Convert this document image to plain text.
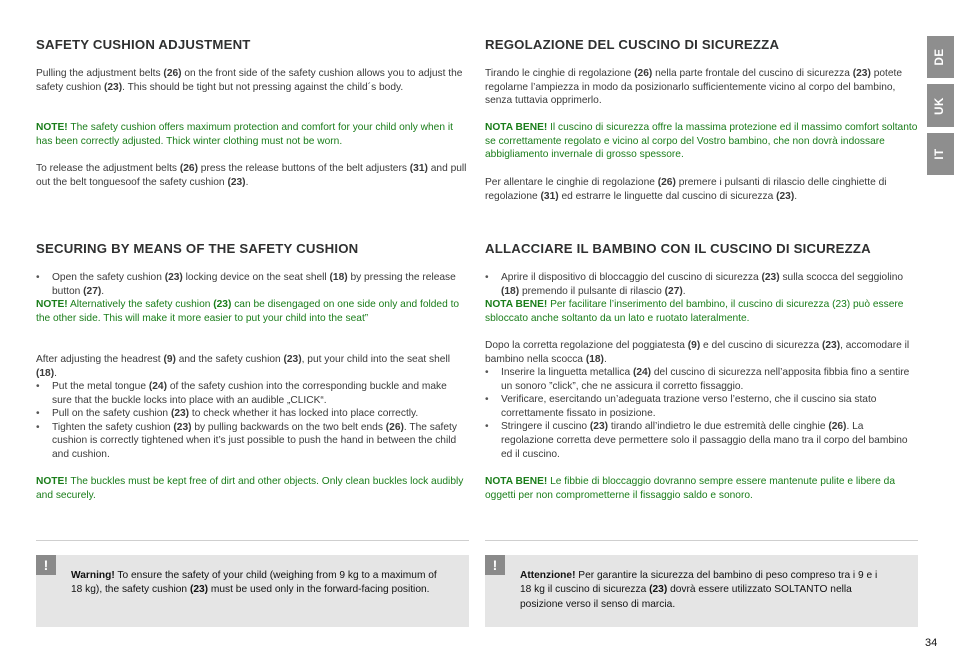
SAFETY CUSHION ADJUSTMENT

Pulling the adjustment belts (26) on the front side of the safety cushion allows you to adjust the safety cushion (23). This should be tight but not pressing against the child´s body.

NOTE! The safety cushion offers maximum protection and comfort for your child only when it has been correctly adjusted. Thick winter clothing must not be worn.

To release the adjustment belts (26) press the release buttons of the belt adjusters (31) and pull out the belt tonguesoof the safety cushion (23).

SECURING BY MEANS OF THE SAFETY CUSHION
• Open the safety cushion (23) locking device on the seat shell (18) by pressing the release button (27).

NOTE! Alternatively the safety cushion (23) can be disengaged on one side only and folded to the other side. This will make it more easier to put your child into the seat”

After adjusting the headrest (9) and the safety cushion (23), put your child into the seat shell (18).

• Put the metal tongue (24) of the safety cushion into the corresponding buckle and make sure that the buckle locks into place with an audible „CLICK“.
• Pull on the safety cushion (23) to check whether it has locked into place correctly.
• Tighten the safety cushion (23) by pulling backwards on the two belt ends (26). The safety cushion is correctly tightened when it’s just possible to push the hand in between the child and cushion.

NOTE! The buckles must be kept free of dirt and other objects. Only clean buckles lock audibly and securely.

REGOLAZIONE DEL CUSCINO DI SICUREZZA

Tirando le cinghie di regolazione (26) nella parte frontale del cuscino di sicurezza (23) potete regolarne l’ampiezza in modo da posizionarlo sufficientemente vicino al corpo del bambino, senza tuttavia opprimerlo.

NOTA BENE! Il cuscino di sicurezza offre la massima protezione ed il massimo comfort soltanto se correttamente regolato e vicino al corpo del Vostro bambino, che non dovrà indossare abbigliamento invernale di grosso spessore.

Per allentare le cinghie di regolazione (26) premere i pulsanti di rilascio delle cinghiette di regolazione (31) ed estrarre le linguette dal cuscino di sicurezza (23).

ALLACCIARE IL BAMBINO CON IL CUSCINO DI SICUREZZA
• Aprire il dispositivo di bloccaggio del cuscino di sicurezza (23) sulla scocca del seggiolino (18) premendo il pulsante di rilascio (27).

NOTA BENE! Per facilitare l’inserimento del bambino, il cuscino di sicurezza (23) può essere sbloccato anche soltanto da un lato e ruotato lateralmente.

Dopo la corretta regolazione del poggiatesta (9) e del cuscino di sicurezza (23), accomodare il bambino nella scocca (18).

• Inserire la linguetta metallica (24) del cuscino di sicurezza nell’apposita fibbia fino a sentire un sonoro ”click”, che ne assicura il corretto fissaggio.
• Verificare, esercitando un’adeguata trazione verso l’esterno, che il cuscino sia stato correttamente fissato in posizione.
• Stringere il cuscino (23) tirando all’indietro le due estremità delle cinghie (26). La regolazione corretta deve permettere solo il passaggio della mano tra il corpo del bambino ed il cuscino.

NOTA BENE! Le fibbie di bloccaggio dovranno sempre essere mantenute pulite e libere da oggetti per non comprometterne il fissaggio saldo e sonoro.

!
Warning! To ensure the safety of your child (weighing from 9 kg to a maximum of 18 kg), the safety cushion (23) must be used only in the forward-facing position.
!
Attenzione! Per garantire la sicurezza del bambino di peso compreso tra i 9 e i 18 kg il cuscino di sicurezza (23) dovrà essere utilizzato SOLTANTO nella posizione verso il senso di marcia.
DE
UK
IT
34
